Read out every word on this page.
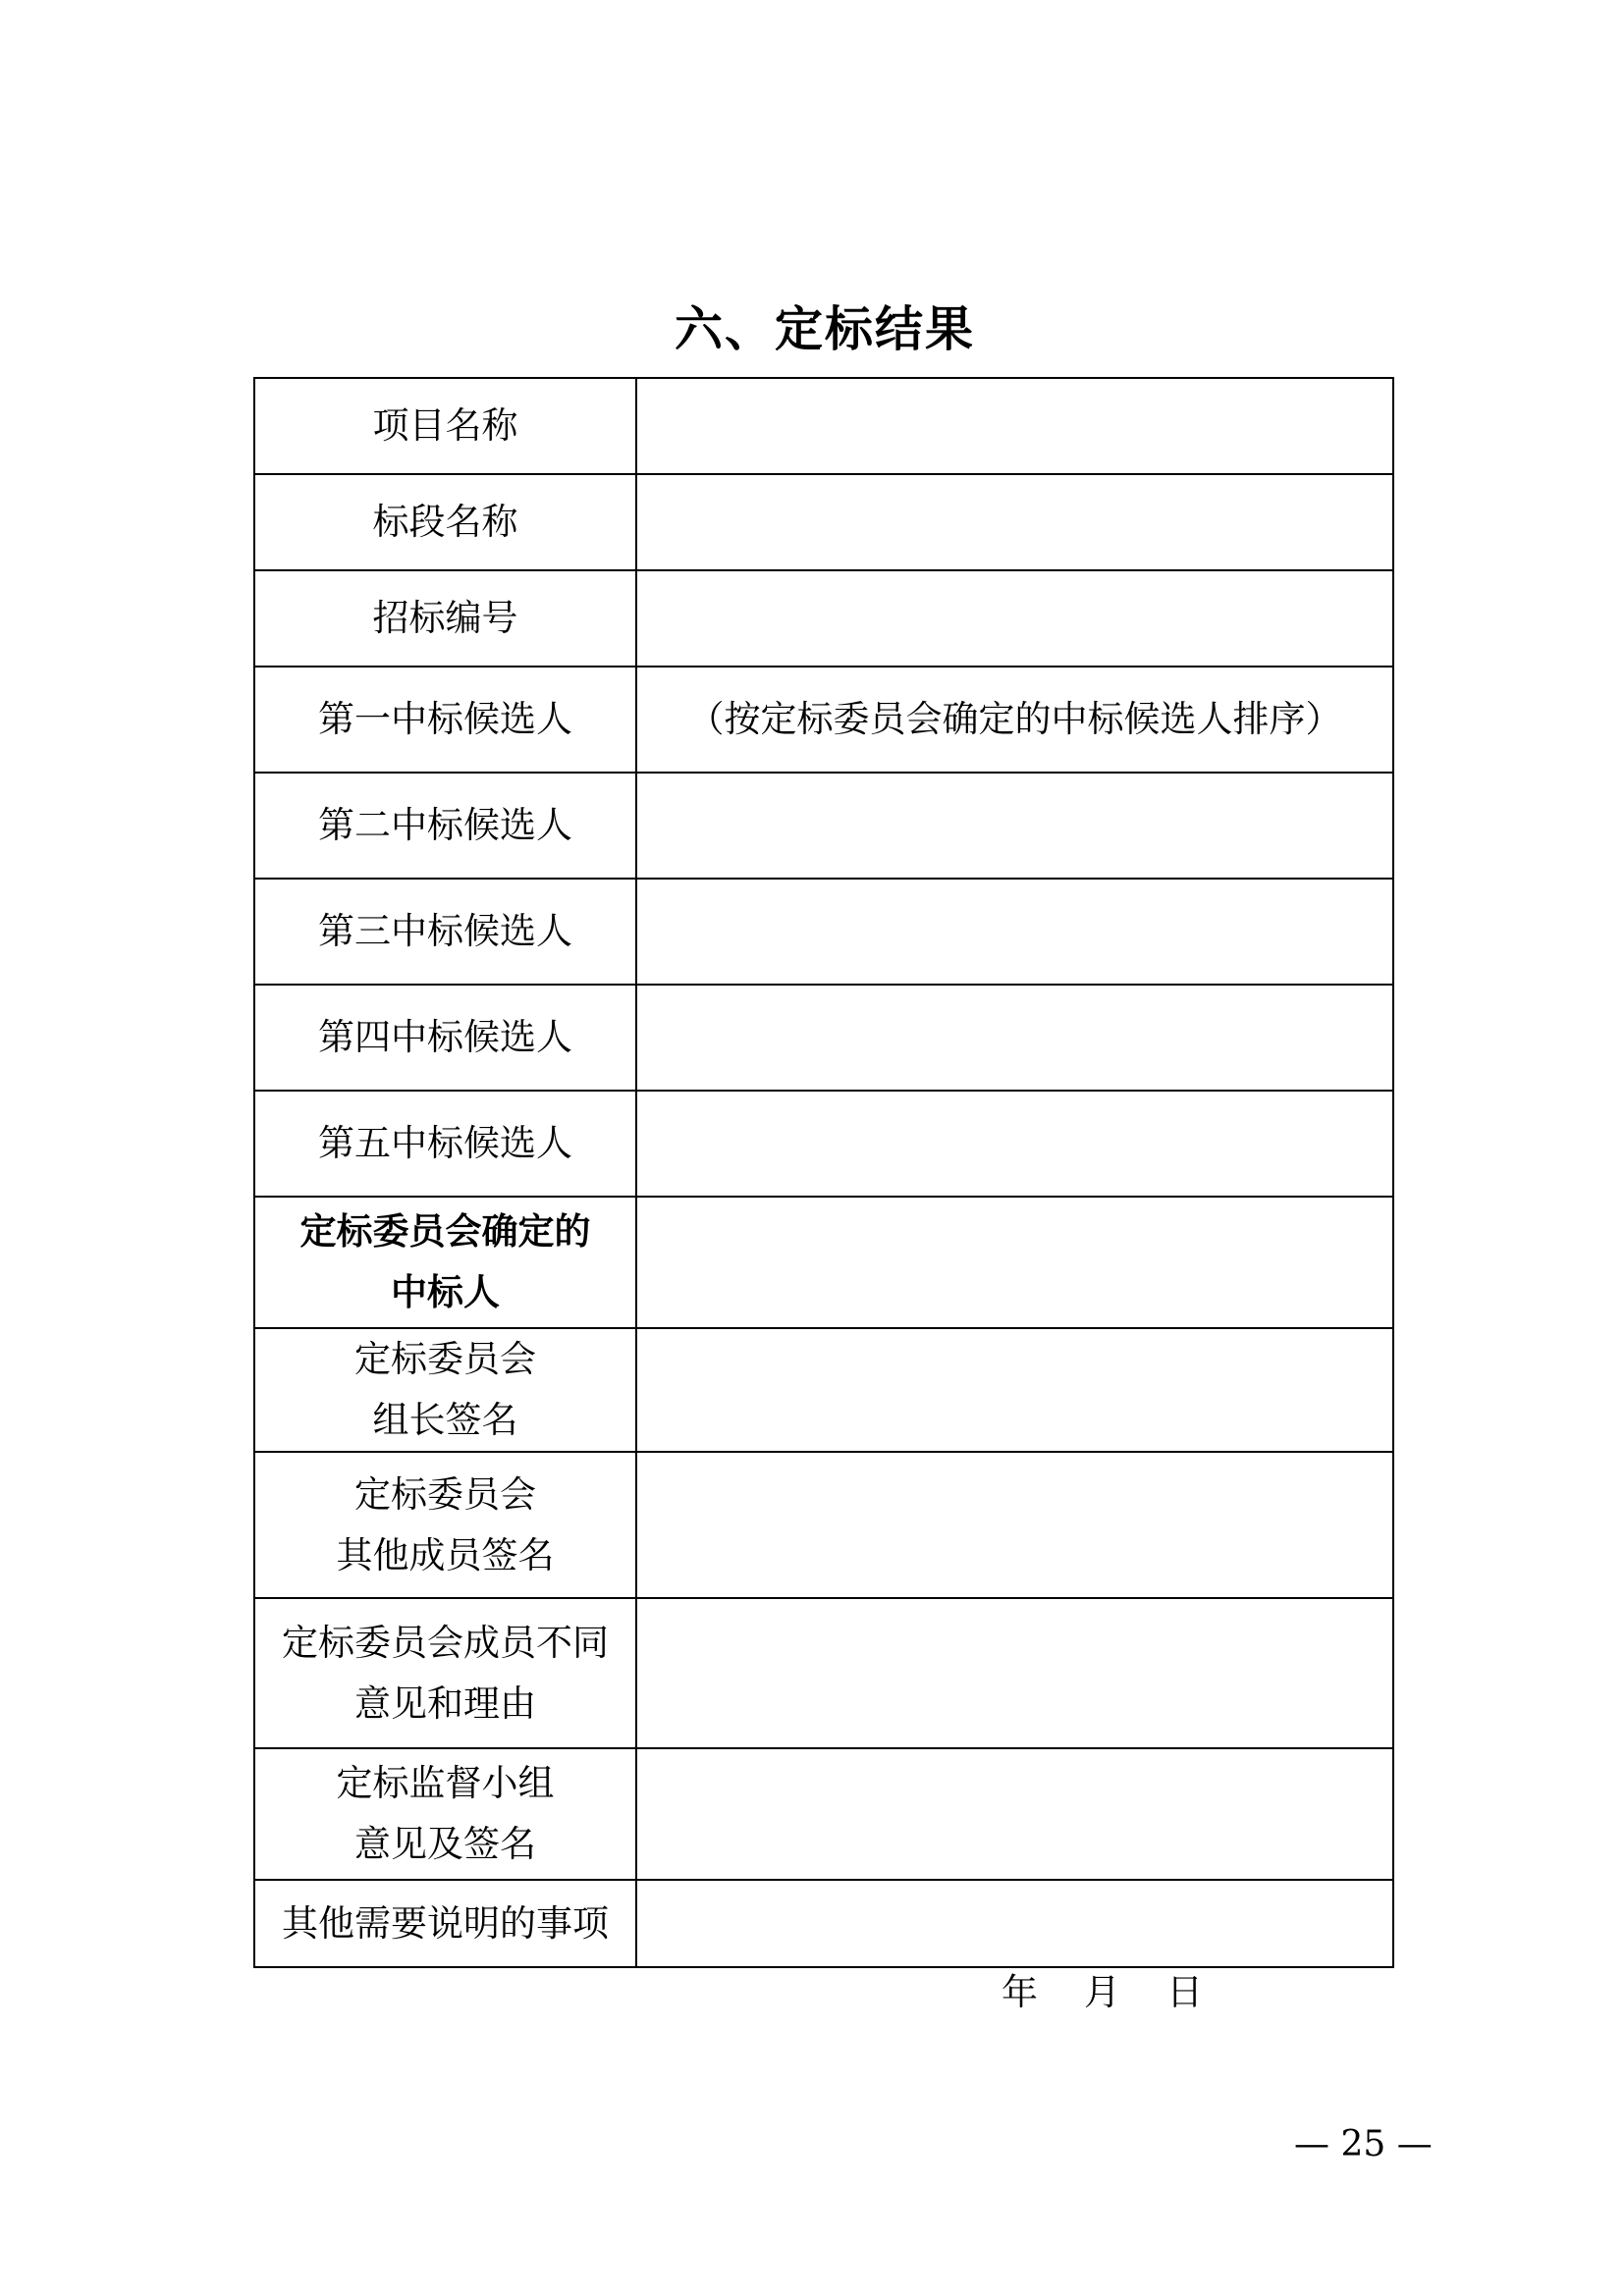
六、定标结果
项目名称	

标段名称	

招标编号	

第一中标候选人	（按定标委员会确定的中标候选人排序）

第二中标候选人	

第三中标候选人	

第四中标候选人	

第五中标候选人	

定标委员会确定的
中标人	

定标委员会
组长签名	

定标委员会
其他成员签名	

定标委员会成员不同
意见和理由	

定标监督小组
意见及签名	

其他需要说明的事项	

年    月    日
— 25 —
